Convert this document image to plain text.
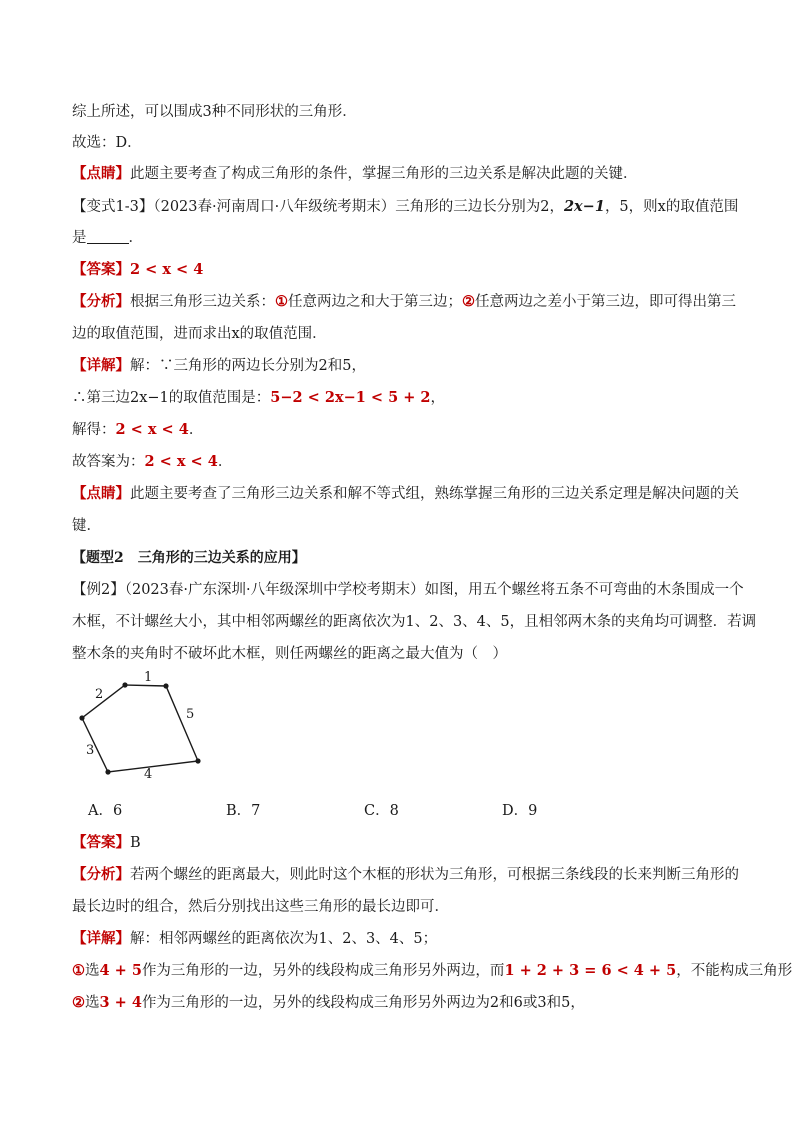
综上所述，可以围成3种不同形状的三角形．
故选：D．
【点睛】此题主要考查了构成三角形的条件，掌握三角形的三边关系是解决此题的关键．
【变式1-3】（2023春·河南周口·八年级统考期末）三角形的三边长分别为2，2x−1，5，则x的取值范围
是	．
【答案】2 < x < 4
【分析】根据三角形三边关系：①任意两边之和大于第三边；②任意两边之差小于第三边，即可得出第三
边的取值范围，进而求出x的取值范围．
【详解】解：∵三角形的两边长分别为2和5，
∴第三边2x−1的取值范围是：5−2 < 2x−1 < 5 + 2，
解得：2 < x < 4．
故答案为：2 < x < 4．
【点睛】此题主要考查了三角形三边关系和解不等式组，熟练掌握三角形的三边关系定理是解决问题的关
键．
【题型2　三角形的三边关系的应用】
【例2】（2023春·广东深圳·八年级深圳中学校考期末）如图，用五个螺丝将五条不可弯曲的木条围成一个
木框，不计螺丝大小，其中相邻两螺丝的距离依次为1、2、3、4、5，且相邻两木条的夹角均可调整．若调
整木条的夹角时不破坏此木框，则任两螺丝的距离之最大值为（　）
1
2
3
4
5
A．6	B．7	C．8	D．9
【答案】B
【分析】若两个螺丝的距离最大，则此时这个木框的形状为三角形，可根据三条线段的长来判断三角形的
最长边时的组合，然后分别找出这些三角形的最长边即可．
【详解】解：相邻两螺丝的距离依次为1、2、3、4、5；
①选4 + 5作为三角形的一边，另外的线段构成三角形另外两边，而1 + 2 + 3 = 6 < 4 + 5，不能构成三角形
②选3 + 4作为三角形的一边，另外的线段构成三角形另外两边为2和6或3和5，
